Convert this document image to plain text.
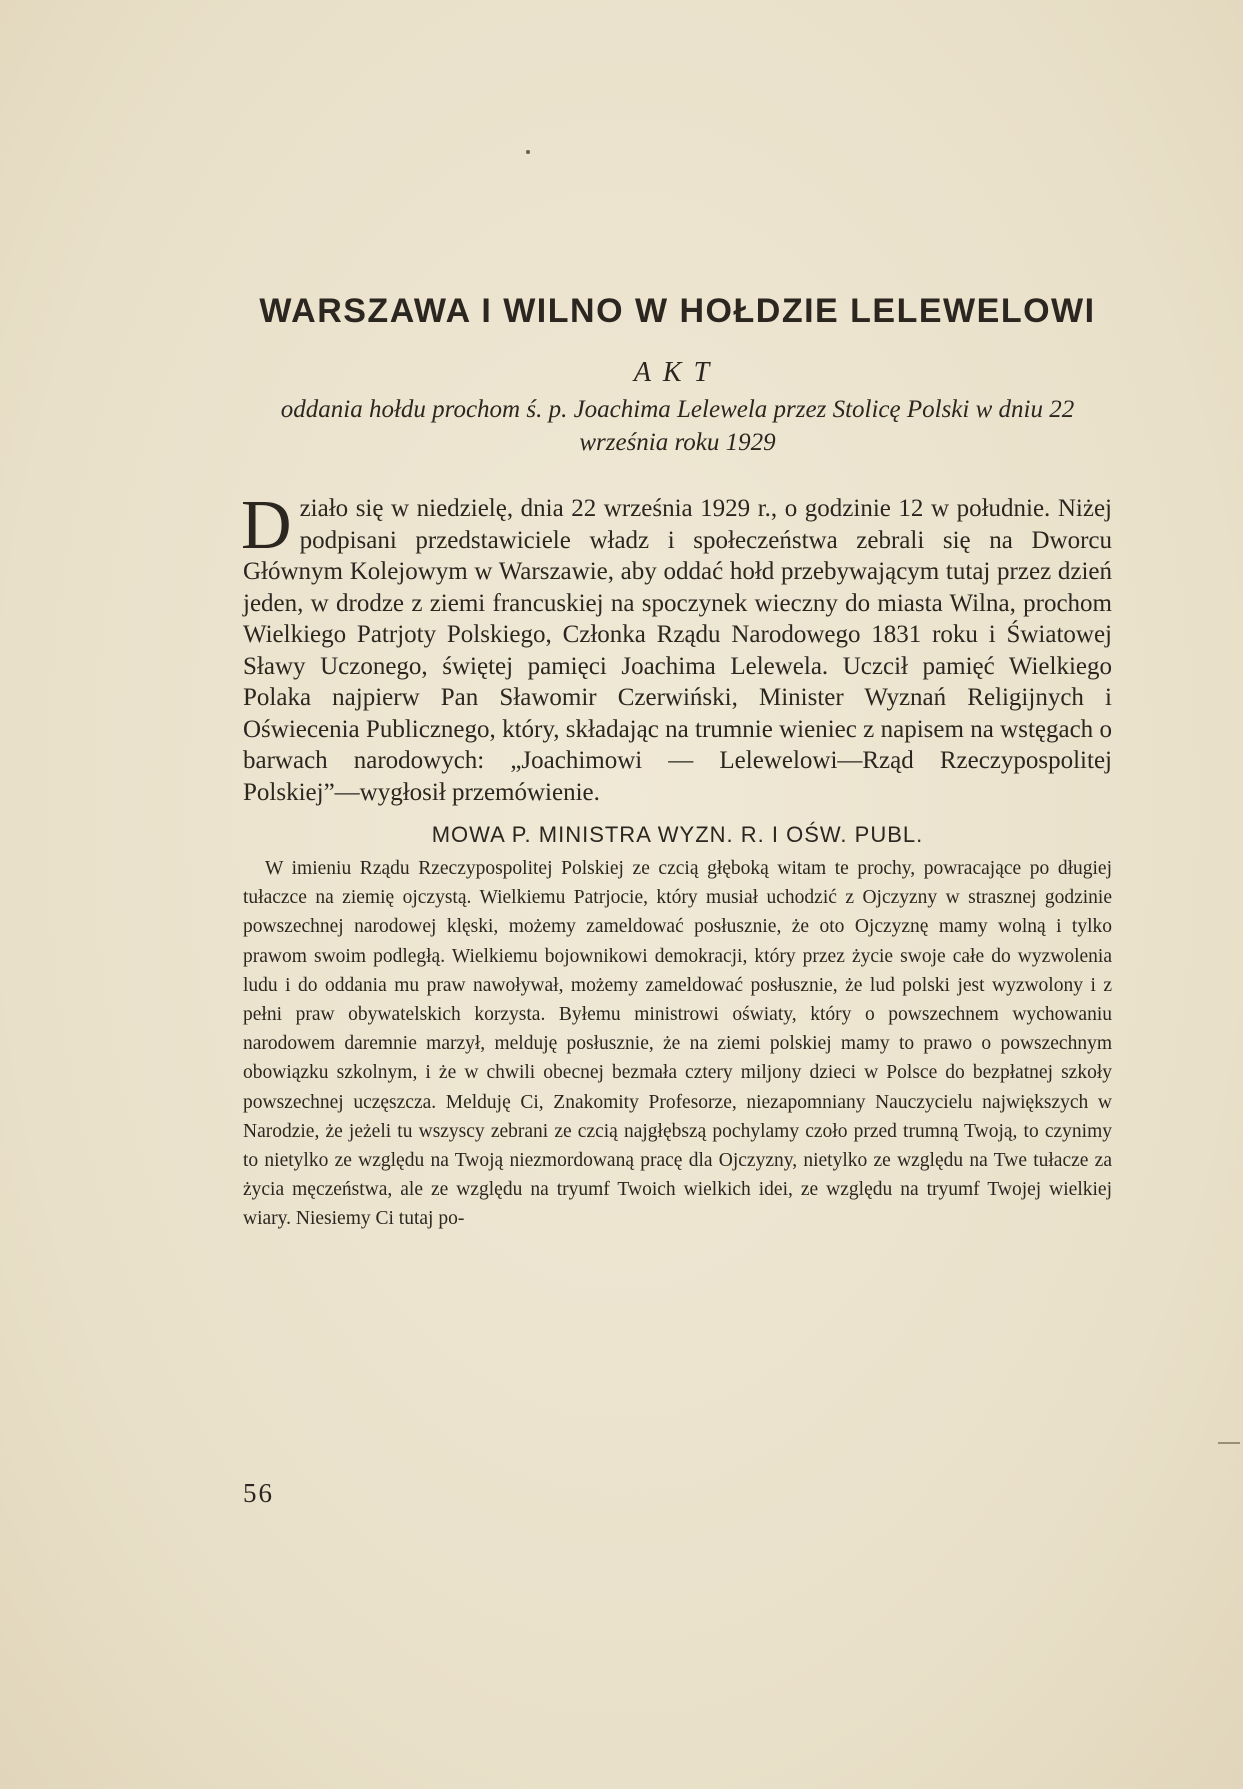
WARSZAWA I WILNO W HOŁDZIE LELEWELOWI
AKT
oddania hołdu prochom ś. p. Joachima Lelewela przez Stolicę Polski w dniu 22 września roku 1929
Działo się w niedzielę, dnia 22 września 1929 r., o godzinie 12 w południe. Niżej podpisani przedstawiciele władz i społeczeństwa zebrali się na Dworcu Głównym Kolejowym w Warszawie, aby oddać hołd przebywającym tutaj przez dzień jeden, w drodze z ziemi francuskiej na spoczynek wieczny do miasta Wilna, prochom Wielkiego Patrjoty Polskiego, Członka Rządu Narodowego 1831 roku i Światowej Sławy Uczonego, świętej pamięci Joachima Lelewela. Uczcił pamięć Wielkiego Polaka najpierw Pan Sławomir Czerwiński, Minister Wyznań Religijnych i Oświecenia Publicznego, który, składając na trumnie wieniec z napisem na wstęgach o barwach narodowych: „Joachimowi — Lelewelowi—Rząd Rzeczypospolitej Polskiej”—wygłosił przemówienie.
MOWA P. MINISTRA WYZN. R. I OŚW. PUBL.
W imieniu Rządu Rzeczypospolitej Polskiej ze czcią głęboką witam te prochy, powracające po długiej tułaczce na ziemię ojczystą. Wielkiemu Patrjocie, który musiał uchodzić z Ojczyzny w strasznej godzinie powszechnej narodowej klęski, możemy zameldować posłusznie, że oto Ojczyznę mamy wolną i tylko prawom swoim podległą. Wielkiemu bojownikowi demokracji, który przez życie swoje całe do wyzwolenia ludu i do oddania mu praw nawoływał, możemy zameldować posłusznie, że lud polski jest wyzwolony i z pełni praw obywatelskich korzysta. Byłemu ministrowi oświaty, który o powszechnem wychowaniu narodowem daremnie marzył, melduję posłusznie, że na ziemi polskiej mamy to prawo o powszechnym obowiązku szkolnym, i że w chwili obecnej bezmała cztery miljony dzieci w Polsce do bezpłatnej szkoły powszechnej uczęszcza. Melduję Ci, Znakomity Profesorze, niezapomniany Nauczycielu największych w Narodzie, że jeżeli tu wszyscy zebrani ze czcią najgłębszą pochylamy czoło przed trumną Twoją, to czynimy to nietylko ze względu na Twoją niezmordowaną pracę dla Ojczyzny, nietylko ze względu na Twe tułacze za życia męczeństwa, ale ze względu na tryumf Twoich wielkich idei, ze względu na tryumf Twojej wielkiej wiary. Niesiemy Ci tutaj po-
56
